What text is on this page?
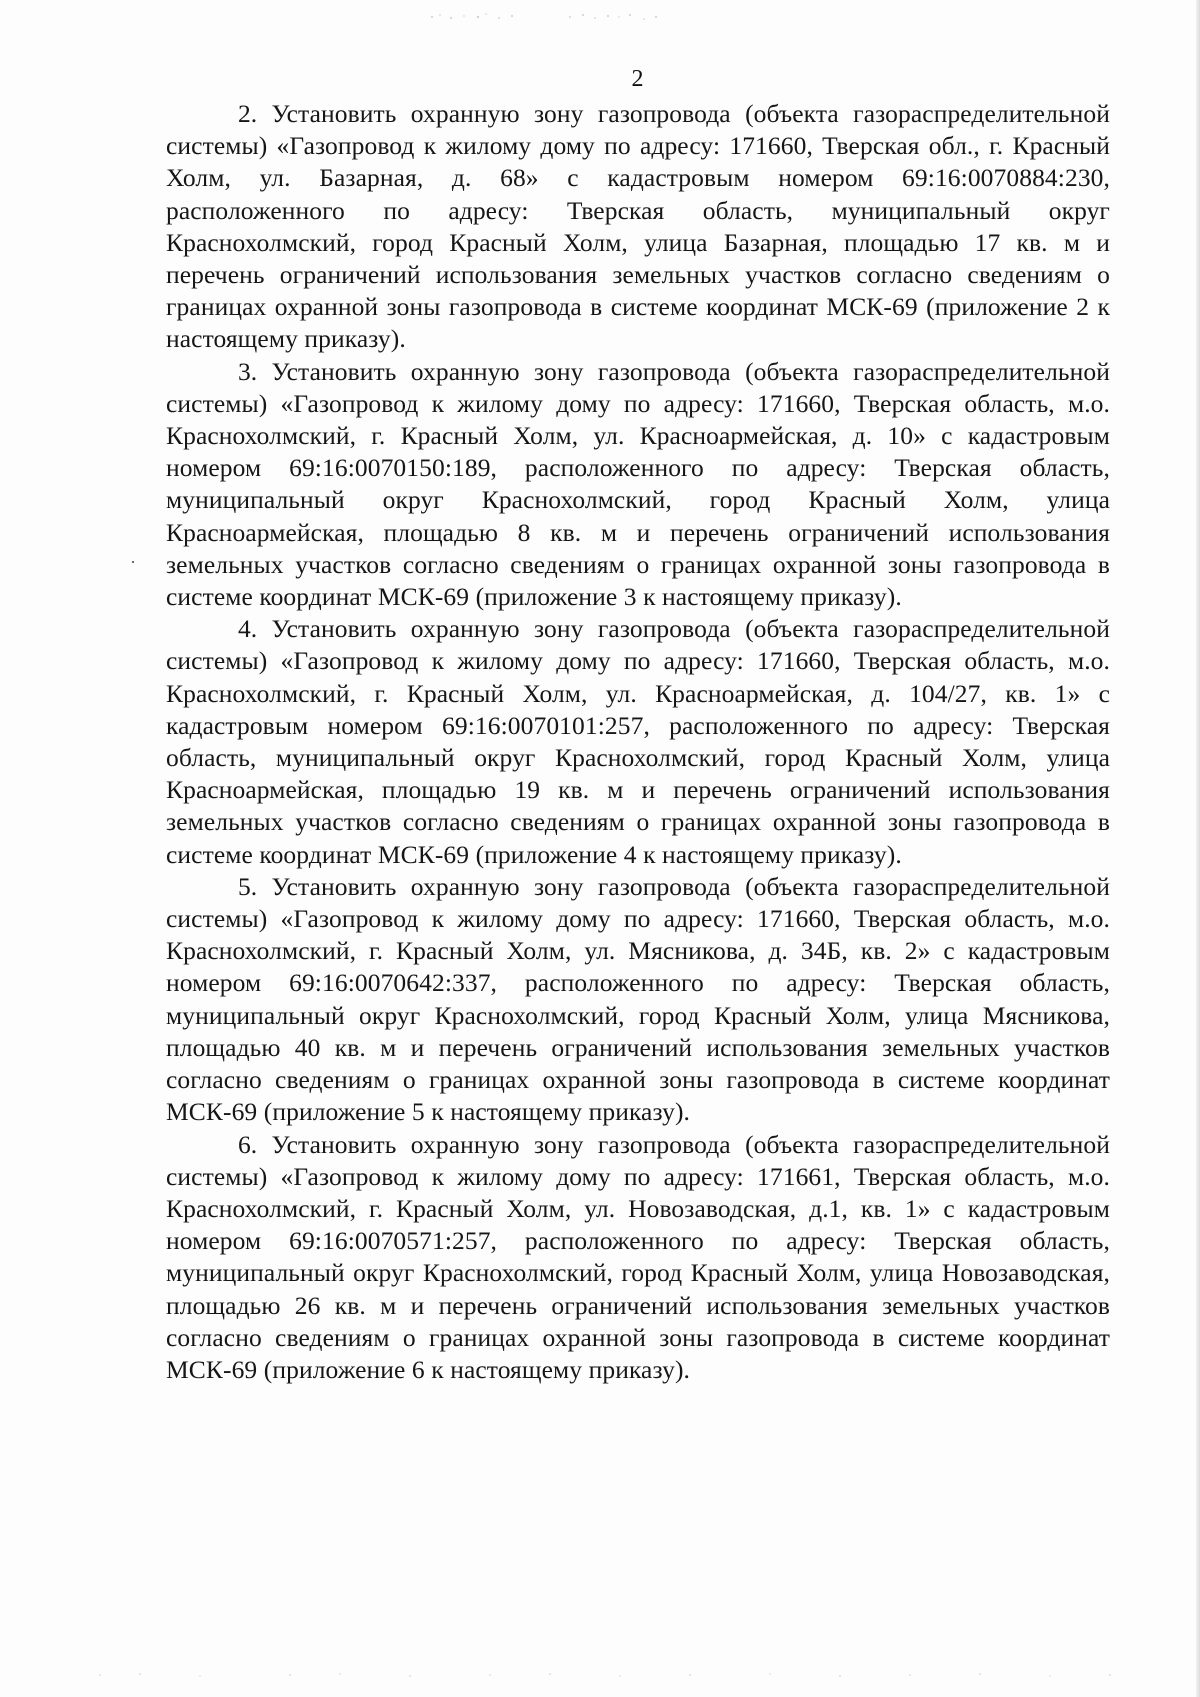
2

2. Установить охранную зону газопровода (объекта газораспределительной системы) «Газопровод к жилому дому по адресу: 171660, Тверская обл., г. Красный Холм, ул. Базарная, д. 68» с кадастровым номером 69:16:0070884:230, расположенного по адресу: Тверская область, муниципальный округ Краснохолмский, город Красный Холм, улица Базарная, площадью 17 кв. м и перечень ограничений использования земельных участков согласно сведениям о границах охранной зоны газопровода в системе координат МСК-69 (приложение 2 к настоящему приказу).

3. Установить охранную зону газопровода (объекта газораспределительной системы) «Газопровод к жилому дому по адресу: 171660, Тверская область, м.о. Краснохолмский, г. Красный Холм, ул. Красноармейская, д. 10» с кадастровым номером 69:16:0070150:189, расположенного по адресу: Тверская область, муниципальный округ Краснохолмский, город Красный Холм, улица Красноармейская, площадью 8 кв. м и перечень ограничений использования земельных участков согласно сведениям о границах охранной зоны газопровода в системе координат МСК-69 (приложение 3 к настоящему приказу).

4. Установить охранную зону газопровода (объекта газораспределительной системы) «Газопровод к жилому дому по адресу: 171660, Тверская область, м.о. Краснохолмский, г. Красный Холм, ул. Красноармейская, д. 104/27, кв. 1» с кадастровым номером 69:16:0070101:257, расположенного по адресу: Тверская область, муниципальный округ Краснохолмский, город Красный Холм, улица Красноармейская, площадью 19 кв. м и перечень ограничений использования земельных участков согласно сведениям о границах охранной зоны газопровода в системе координат МСК-69 (приложение 4 к настоящему приказу).

5. Установить охранную зону газопровода (объекта газораспределительной системы) «Газопровод к жилому дому по адресу: 171660, Тверская область, м.о. Краснохолмский, г. Красный Холм, ул. Мясникова, д. 34Б, кв. 2» с кадастровым номером 69:16:0070642:337, расположенного по адресу: Тверская область, муниципальный округ Краснохолмский, город Красный Холм, улица Мясникова, площадью 40 кв. м и перечень ограничений использования земельных участков согласно сведениям о границах охранной зоны газопровода в системе координат МСК-69 (приложение 5 к настоящему приказу).

6. Установить охранную зону газопровода (объекта газораспределительной системы) «Газопровод к жилому дому по адресу: 171661, Тверская область, м.о. Краснохолмский, г. Красный Холм, ул. Новозаводская, д.1, кв. 1» с кадастровым номером 69:16:0070571:257, расположенного по адресу: Тверская область, муниципальный округ Краснохолмский, город Красный Холм, улица Новозаводская, площадью 26 кв. м и перечень ограничений использования земельных участков согласно сведениям о границах охранной зоны газопровода в системе координат МСК-69 (приложение 6 к настоящему приказу).

·
